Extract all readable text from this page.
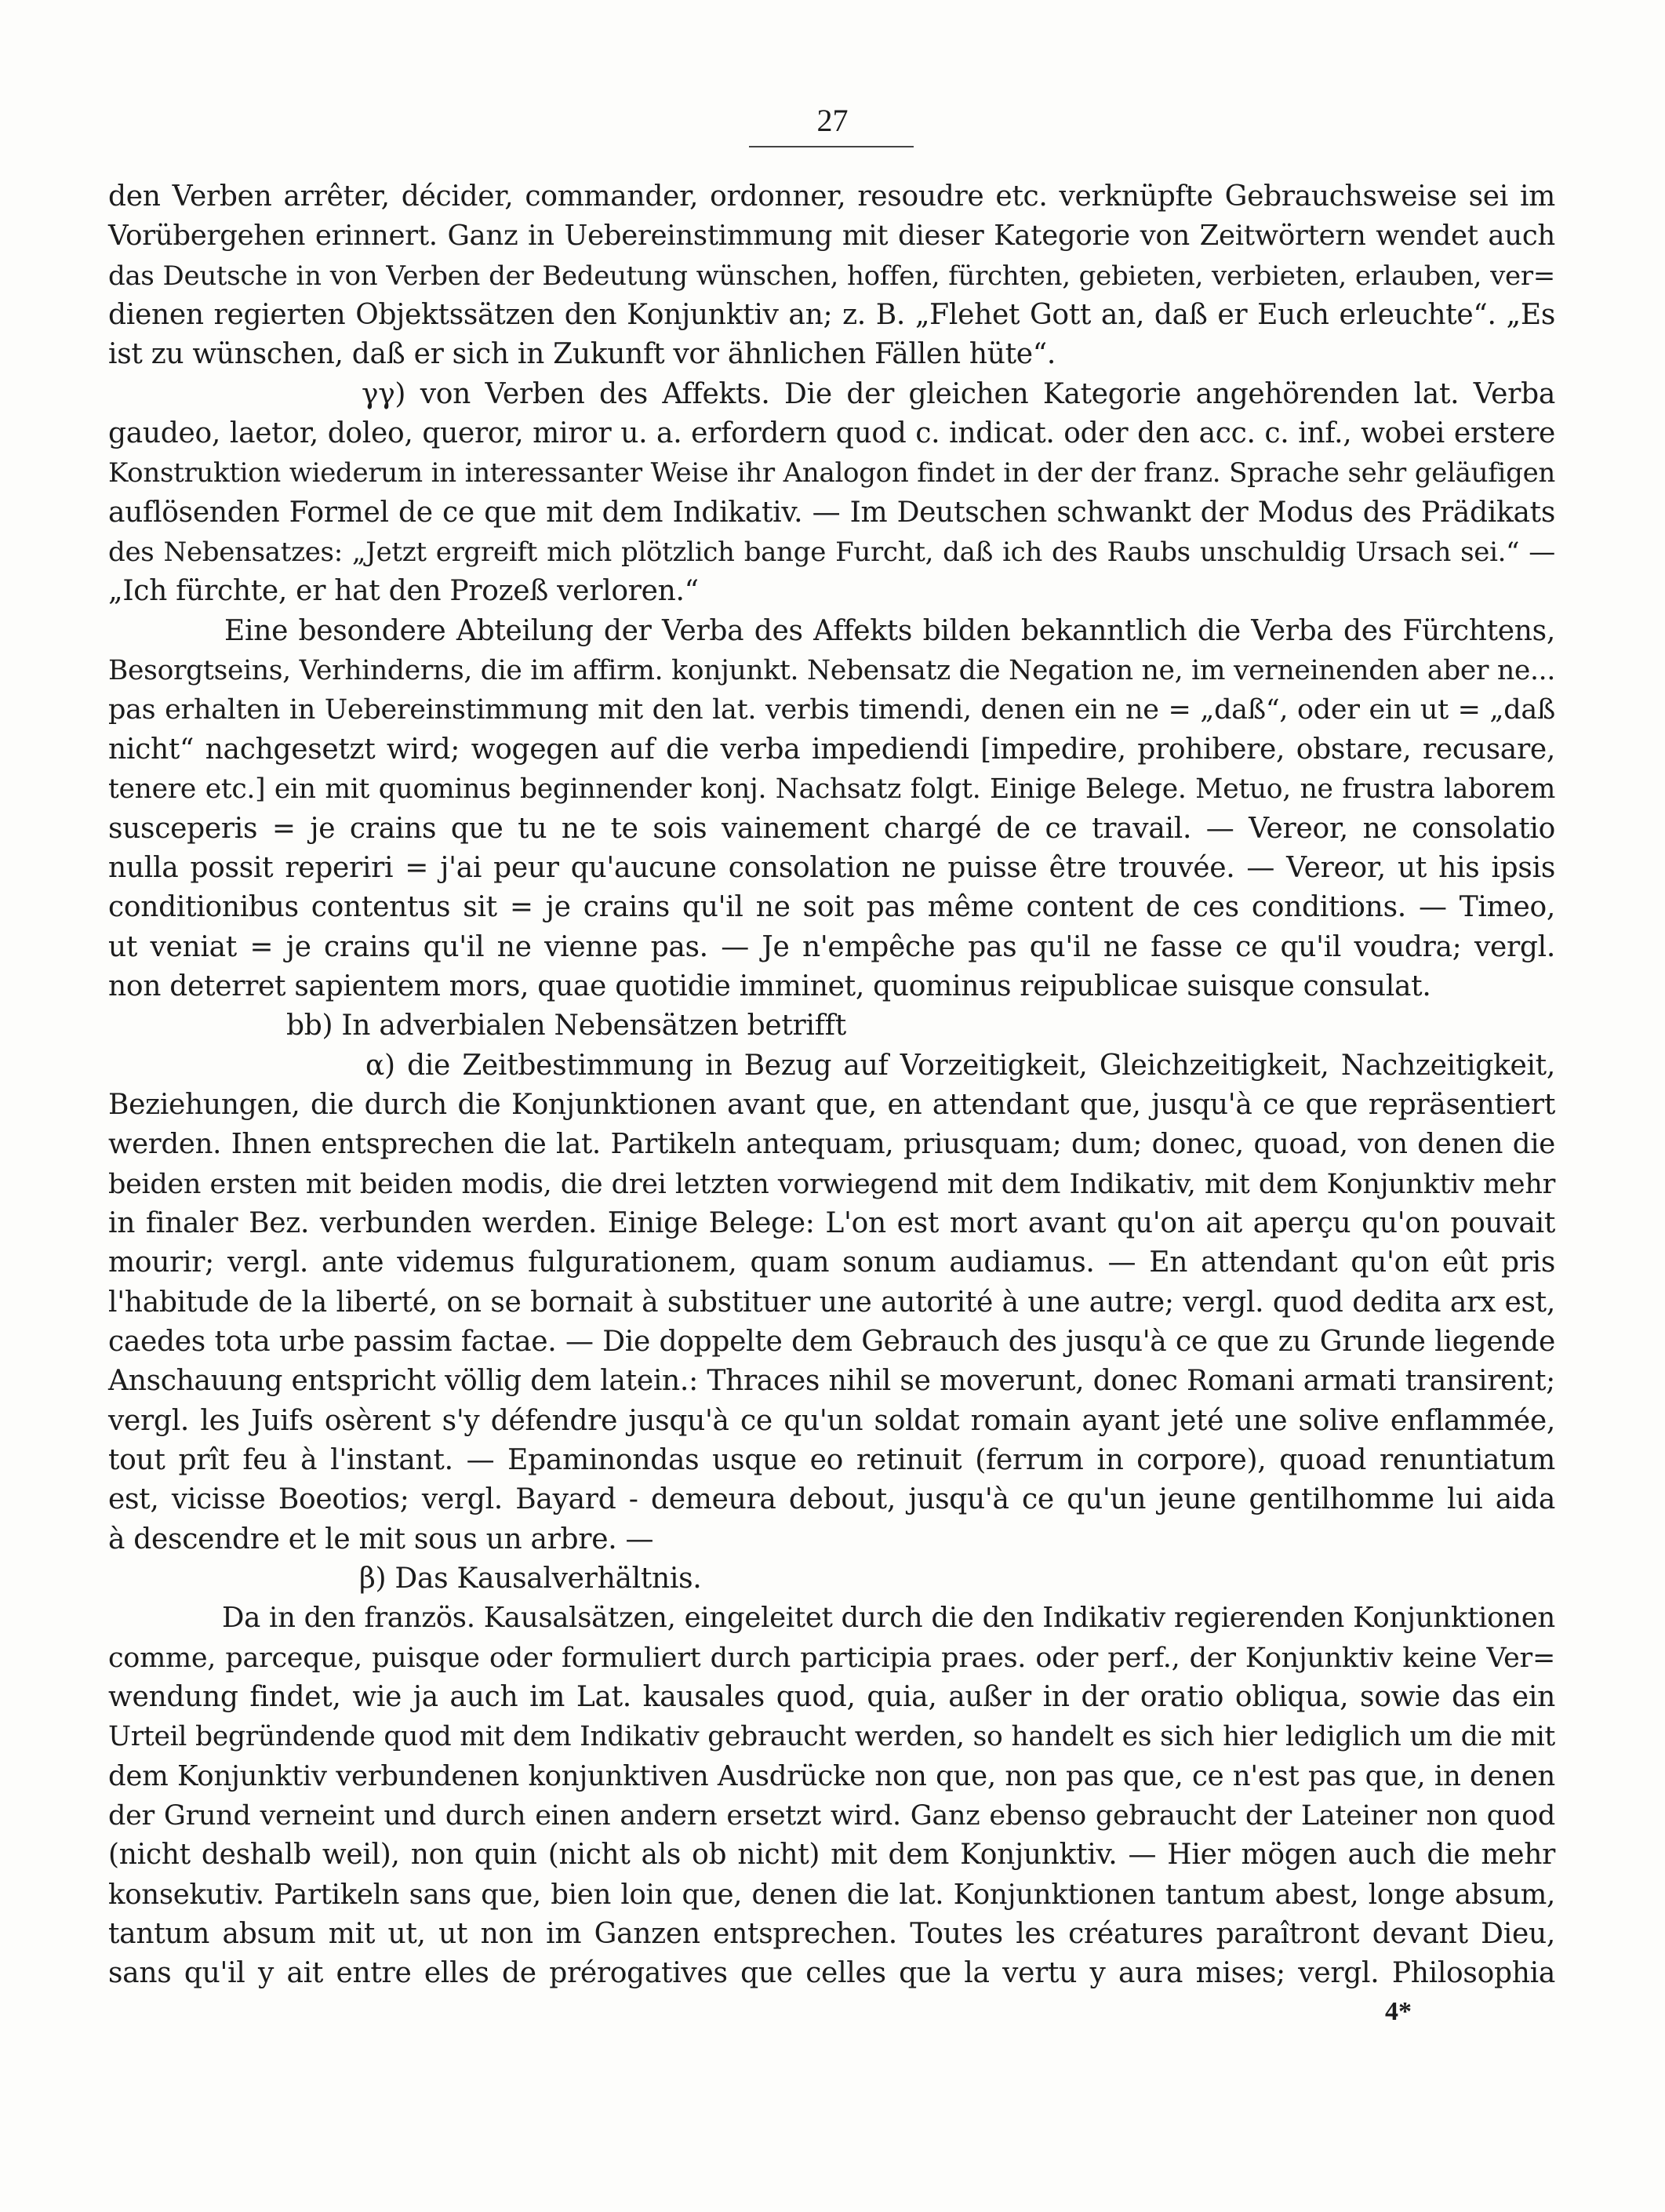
27
den Verben arrêter, décider, commander, ordonner, resoudre etc. verknüpfte Gebrauchsweise sei im
Vorübergehen erinnert. Ganz in Uebereinstimmung mit dieser Kategorie von Zeitwörtern wendet auch
das Deutsche in von Verben der Bedeutung wünschen, hoffen, fürchten, gebieten, verbieten, erlauben, ver=
dienen regierten Objektssätzen den Konjunktiv an; z. B. „Flehet Gott an, daß er Euch erleuchte“. „Es
ist zu wünschen, daß er sich in Zukunft vor ähnlichen Fällen hüte“.
γγ) von Verben des Affekts. Die der gleichen Kategorie angehörenden lat. Verba
gaudeo, laetor, doleo, queror, miror u. a. erfordern quod c. indicat. oder den acc. c. inf., wobei erstere
Konstruktion wiederum in interessanter Weise ihr Analogon findet in der der franz. Sprache sehr geläufigen
auflösenden Formel de ce que mit dem Indikativ. — Im Deutschen schwankt der Modus des Prädikats
des Nebensatzes: „Jetzt ergreift mich plötzlich bange Furcht, daß ich des Raubs unschuldig Ursach sei.“ —
„Ich fürchte, er hat den Prozeß verloren.“
Eine besondere Abteilung der Verba des Affekts bilden bekanntlich die Verba des Fürchtens,
Besorgtseins, Verhinderns, die im affirm. konjunkt. Nebensatz die Negation ne, im verneinenden aber ne...
pas erhalten in Uebereinstimmung mit den lat. verbis timendi, denen ein ne = „daß“, oder ein ut = „daß
nicht“ nachgesetzt wird; wogegen auf die verba impediendi [impedire, prohibere, obstare, recusare,
tenere etc.] ein mit quominus beginnender konj. Nachsatz folgt. Einige Belege. Metuo, ne frustra laborem
susceperis = je crains que tu ne te sois vainement chargé de ce travail. — Vereor, ne consolatio
nulla possit reperiri = j'ai peur qu'aucune consolation ne puisse être trouvée. — Vereor, ut his ipsis
conditionibus contentus sit = je crains qu'il ne soit pas même content de ces conditions. — Timeo,
ut veniat = je crains qu'il ne vienne pas. — Je n'empêche pas qu'il ne fasse ce qu'il voudra; vergl.
non deterret sapientem mors, quae quotidie imminet, quominus reipublicae suisque consulat.
bb) In adverbialen Nebensätzen betrifft
α) die Zeitbestimmung in Bezug auf Vorzeitigkeit, Gleichzeitigkeit, Nachzeitigkeit,
Beziehungen, die durch die Konjunktionen avant que, en attendant que, jusqu'à ce que repräsentiert
werden. Ihnen entsprechen die lat. Partikeln antequam, priusquam; dum; donec, quoad, von denen die
beiden ersten mit beiden modis, die drei letzten vorwiegend mit dem Indikativ, mit dem Konjunktiv mehr
in finaler Bez. verbunden werden. Einige Belege: L'on est mort avant qu'on ait aperçu qu'on pouvait
mourir; vergl. ante videmus fulgurationem, quam sonum audiamus. — En attendant qu'on eût pris
l'habitude de la liberté, on se bornait à substituer une autorité à une autre; vergl. quod dedita arx est,
caedes tota urbe passim factae. — Die doppelte dem Gebrauch des jusqu'à ce que zu Grunde liegende
Anschauung entspricht völlig dem latein.: Thraces nihil se moverunt, donec Romani armati transirent;
vergl. les Juifs osèrent s'y défendre jusqu'à ce qu'un soldat romain ayant jeté une solive enflammée,
tout prît feu à l'instant. — Epaminondas usque eo retinuit (ferrum in corpore), quoad renuntiatum
est, vicisse Boeotios; vergl. Bayard - demeura debout, jusqu'à ce qu'un jeune gentilhomme lui aida
à descendre et le mit sous un arbre. —
β) Das Kausalverhältnis.
Da in den französ. Kausalsätzen, eingeleitet durch die den Indikativ regierenden Konjunktionen
comme, parceque, puisque oder formuliert durch participia praes. oder perf., der Konjunktiv keine Ver=
wendung findet, wie ja auch im Lat. kausales quod, quia, außer in der oratio obliqua, sowie das ein
Urteil begründende quod mit dem Indikativ gebraucht werden, so handelt es sich hier lediglich um die mit
dem Konjunktiv verbundenen konjunktiven Ausdrücke non que, non pas que, ce n'est pas que, in denen
der Grund verneint und durch einen andern ersetzt wird. Ganz ebenso gebraucht der Lateiner non quod
(nicht deshalb weil), non quin (nicht als ob nicht) mit dem Konjunktiv. — Hier mögen auch die mehr
konsekutiv. Partikeln sans que, bien loin que, denen die lat. Konjunktionen tantum abest, longe absum,
tantum absum mit ut, ut non im Ganzen entsprechen. Toutes les créatures paraîtront devant Dieu,
sans qu'il y ait entre elles de prérogatives que celles que la vertu y aura mises; vergl. Philosophia
4*
